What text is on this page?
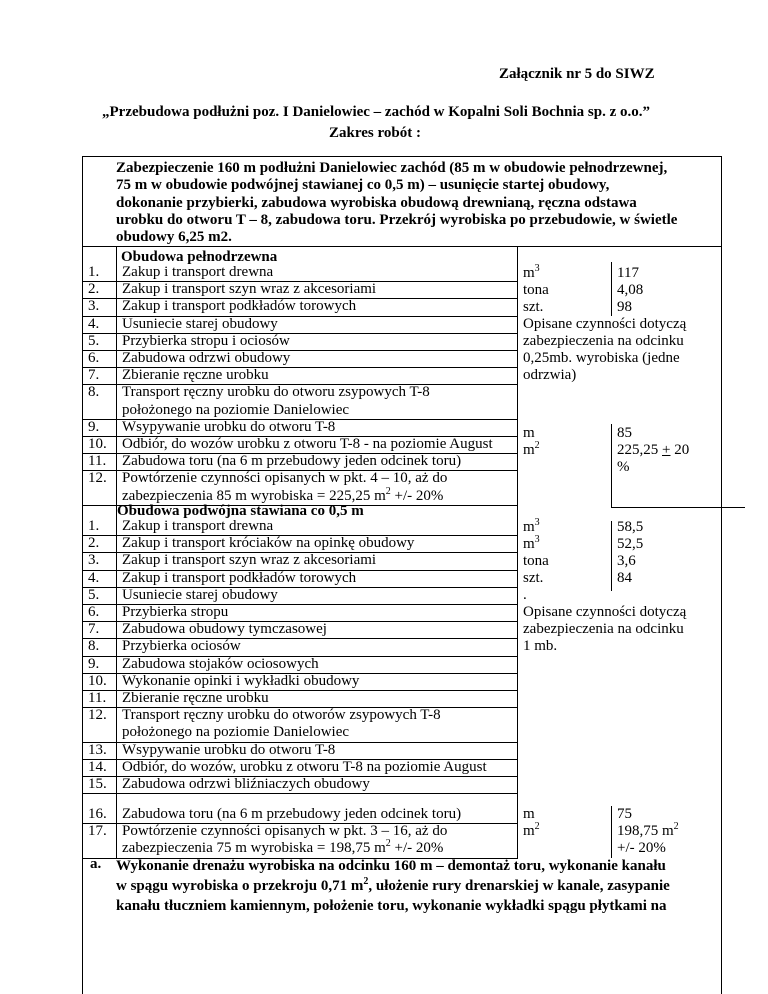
Załącznik nr 5 do SIWZ
„Przebudowa podłużni poz. I Danielowiec – zachód w Kopalni Soli Bochnia sp. z o.o.”
Zakres robót :
Zabezpieczenie 160 m podłużni Danielowiec zachód (85 m w obudowie pełnodrzewnej,
75 m w obudowie podwójnej stawianej co 0,5 m) – usunięcie startej obudowy,
dokonanie przybierki, zabudowa wyrobiska obudową drewnianą, ręczna odstawa
urobku do otworu T – 8, zabudowa toru. Przekrój wyrobiska po przebudowie, w świetle
obudowy 6,25 m2.
Obudowa pełnodrzewna
1. Zakup i transport drewna
2. Zakup i transport szyn wraz z akcesoriami
3. Zakup i transport podkładów torowych
4. Usuniecie starej obudowy
5. Przybierka stropu i ociosów
6. Zabudowa odrzwi obudowy
7. Zbieranie ręczne urobku
8. Transport ręczny urobku do otworu zsypowych T-8
położonego na poziomie Danielowiec
9. Wsypywanie urobku do otworu T-8
10. Odbiór, do wozów urobku z otworu T-8 - na poziomie August
11. Zabudowa toru (na 6 m przebudowy jeden odcinek toru)
12. Powtórzenie czynności opisanych w pkt. 4 – 10, aż do
zabezpieczenia 85 m wyrobiska = 225,25 $m^2$ +/- 20%
$m^3$
tona
szt.
117
4,08
98
Opisane czynności dotyczą
zabezpieczenia na odcinku
0,25mb. wyrobiska (jedne
odrzwia)
m
$m^2$
85
225,25 + 20
%
Obudowa podwójna stawiana co 0,5 m
1. Zakup i transport drewna
2. Zakup i transport króciaków na opinkę obudowy
3. Zakup i transport szyn wraz z akcesoriami
4. Zakup i transport podkładów torowych
5. Usuniecie starej obudowy
6. Przybierka stropu
7. Zabudowa obudowy tymczasowej
8. Przybierka ociosów
9. Zabudowa stojaków ociosowych
10. Wykonanie opinki i wykładki obudowy
11. Zbieranie ręczne urobku
12. Transport ręczny urobku do otworów zsypowych T-8
położonego na poziomie Danielowiec
13. Wsypywanie urobku do otworu T-8
14. Odbiór, do wozów, urobku z otworu T-8 na poziomie August
15. Zabudowa odrzwi bliźniaczych obudowy
$m^3$
$m^3$
tona
szt.
.
58,5
52,5
3,6
84
Opisane czynności dotyczą
zabezpieczenia na odcinku
1 mb.
16. Zabudowa toru (na 6 m przebudowy jeden odcinek toru)
17. Powtórzenie czynności opisanych w pkt. 3 – 16, aż do
zabezpieczenia 75 m wyrobiska = 198,75 $m^2$ +/- 20%
m
$m^2$
75
198,75 $m^2$
+/- 20%
a. Wykonanie drenażu wyrobiska na odcinku 160 m – demontaż toru, wykonanie kanału
w spągu wyrobiska o przekroju 0,71 $m^2$, ułożenie rury drenarskiej w kanale, zasypanie
kanału tłuczniem kamiennym, położenie toru, wykonanie wykładki spągu płytkami na
